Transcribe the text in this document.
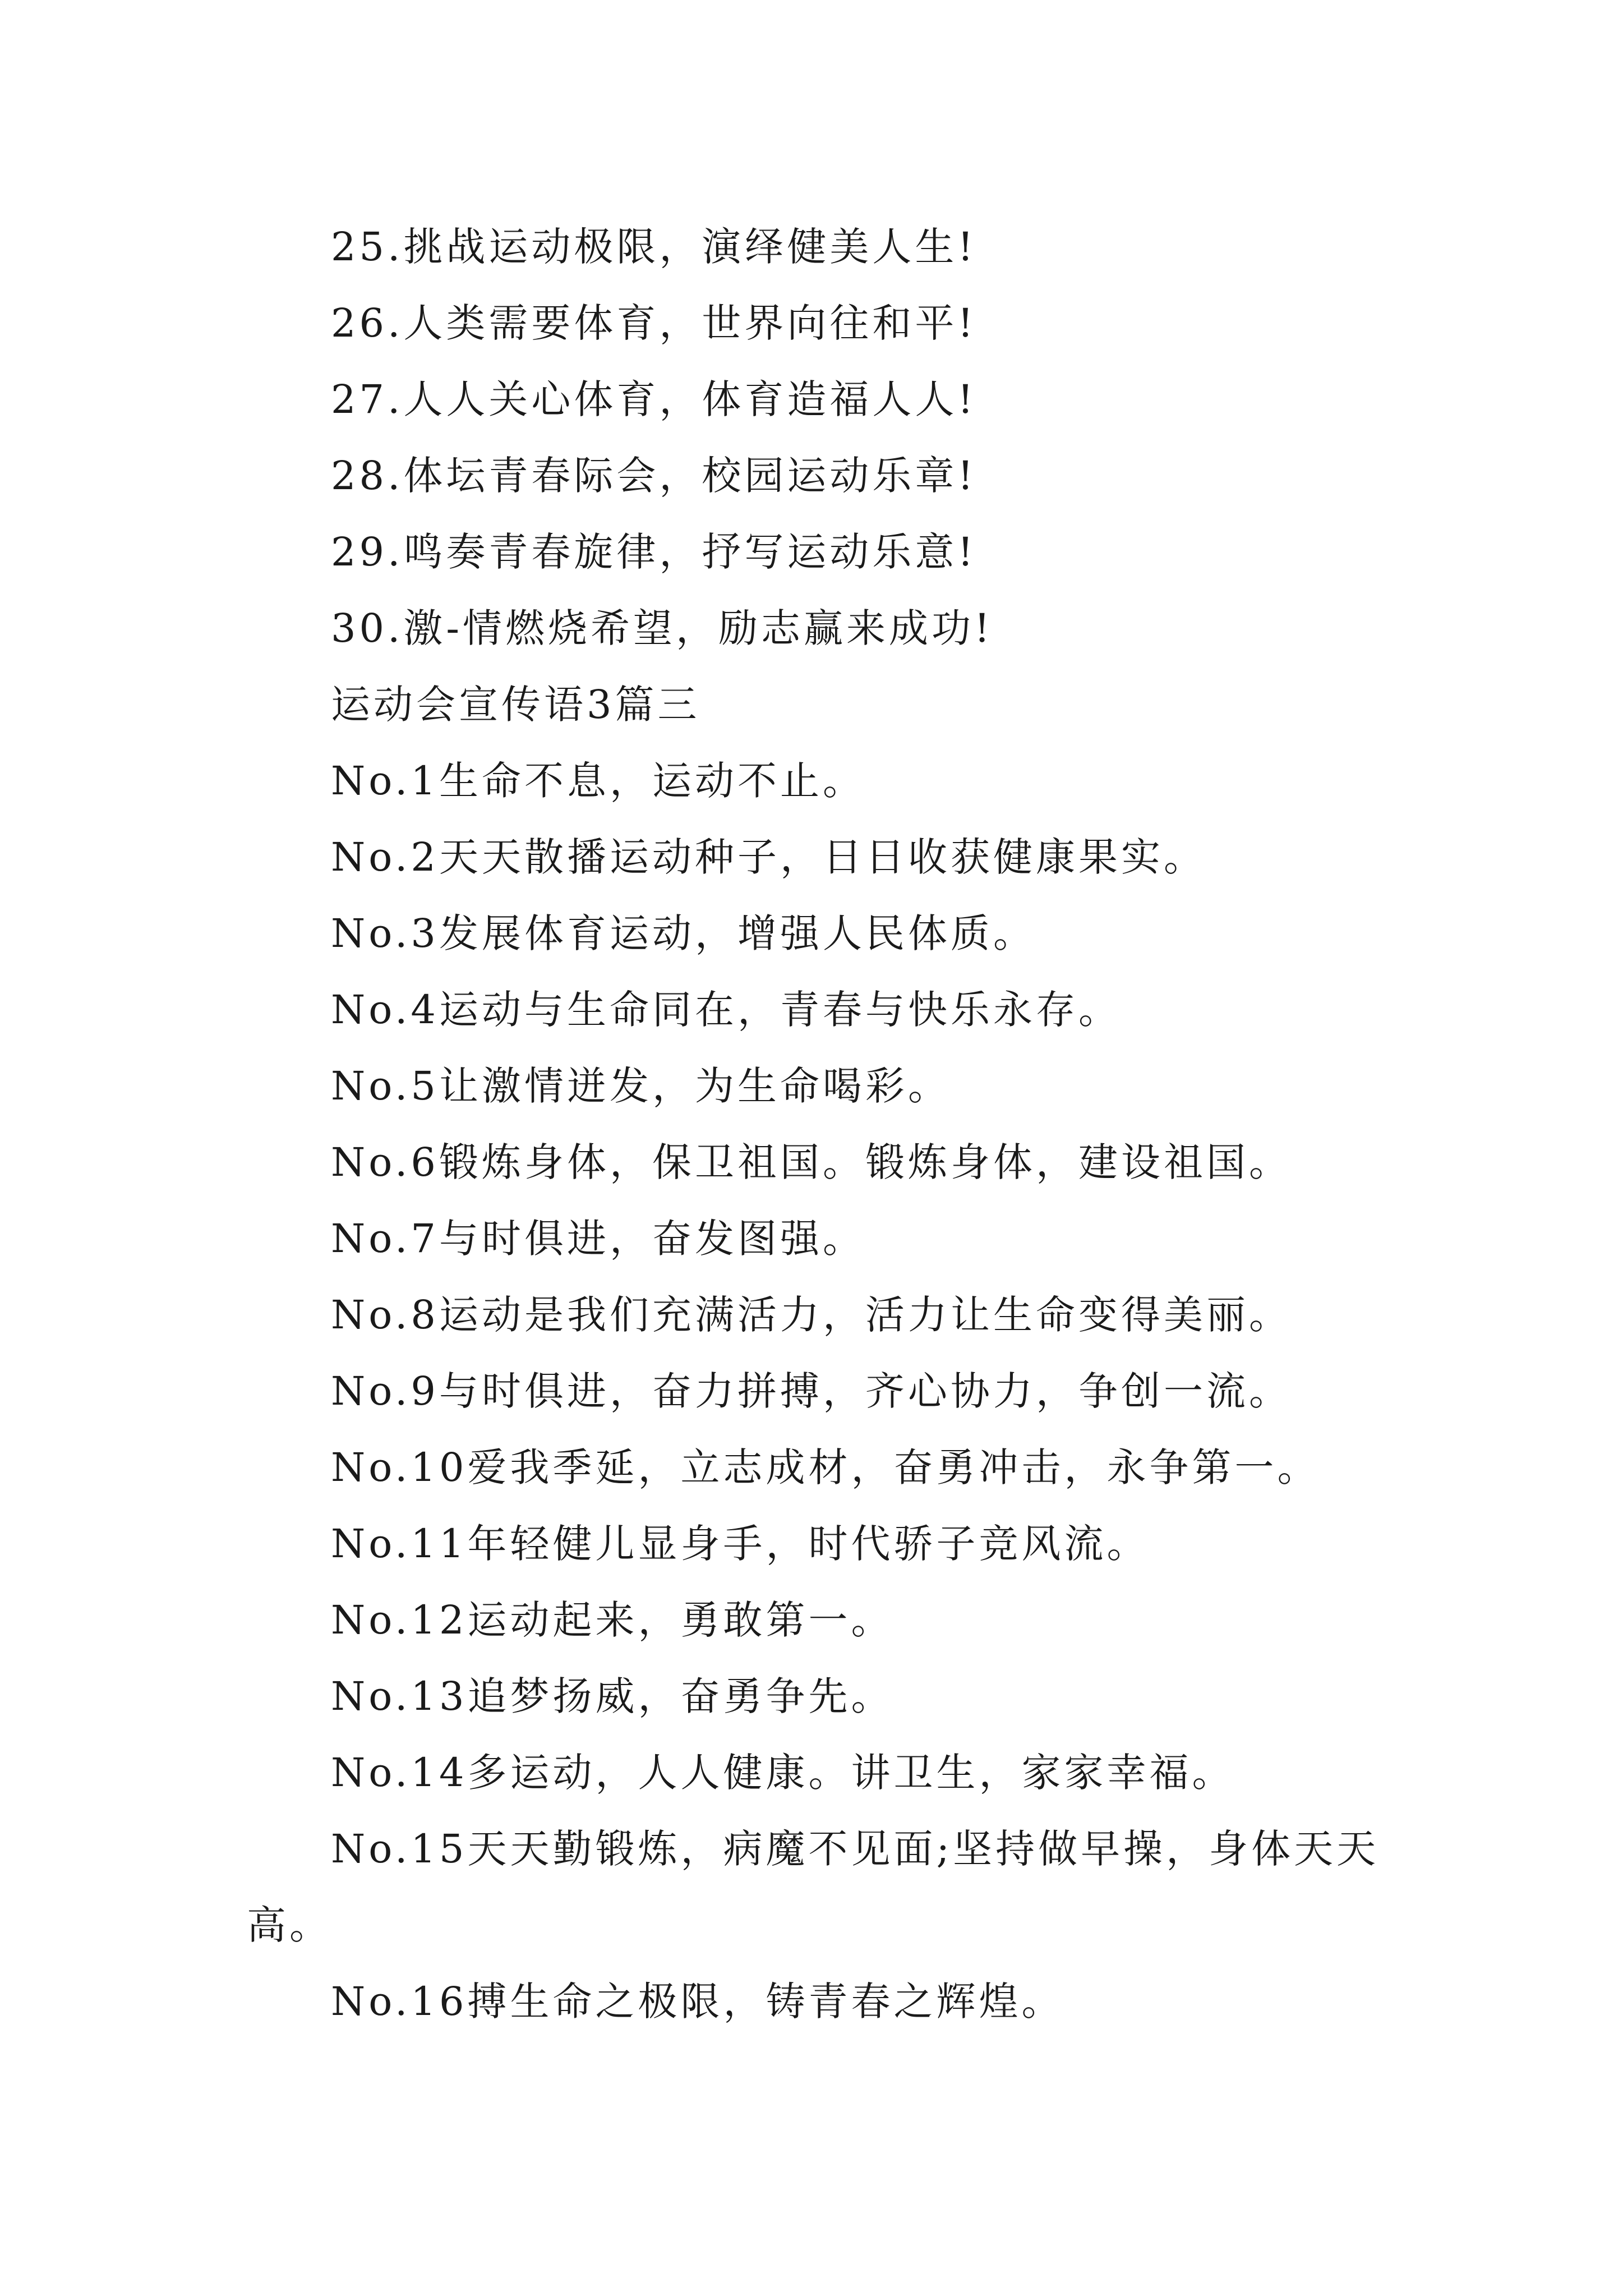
25.挑战运动极限，演绎健美人生!
26.人类需要体育，世界向往和平!
27.人人关心体育，体育造福人人!
28.体坛青春际会，校园运动乐章!
29.鸣奏青春旋律，抒写运动乐意!
30.激-情燃烧希望，励志赢来成功!
运动会宣传语3篇三
No.1生命不息，运动不止。
No.2天天散播运动种子，日日收获健康果实。
No.3发展体育运动，增强人民体质。
No.4运动与生命同在，青春与快乐永存。
No.5让激情迸发，为生命喝彩。
No.6锻炼身体，保卫祖国。锻炼身体，建设祖国。
No.7与时俱进，奋发图强。
No.8运动是我们充满活力，活力让生命变得美丽。
No.9与时俱进，奋力拼搏，齐心协力，争创一流。
No.10爱我季延，立志成材，奋勇冲击，永争第一。
No.11年轻健儿显身手，时代骄子竞风流。
No.12运动起来，勇敢第一。
No.13追梦扬威，奋勇争先。
No.14多运动，人人健康。讲卫生，家家幸福。
No.15天天勤锻炼，病魔不见面;坚持做早操，身体天天高。
No.16搏生命之极限，铸青春之辉煌。
